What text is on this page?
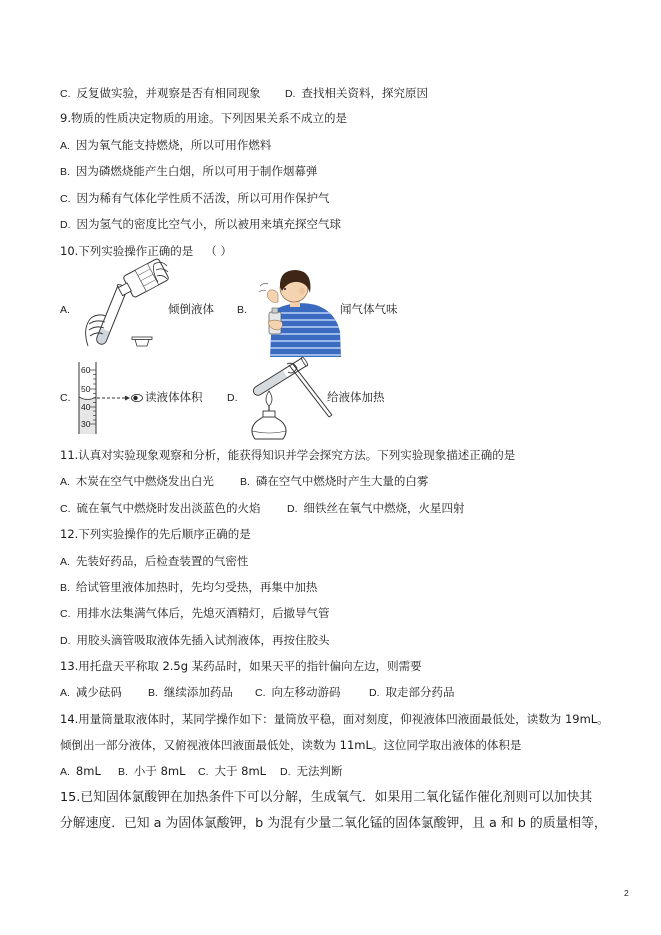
C. 反复做实验，并观察是否有相同现象 D. 查找相关资料，探究原因
9.物质的性质决定物质的用途。下列因果关系不成立的是
A. 因为氧气能支持燃烧，所以可用作燃料
B. 因为磷燃烧能产生白烟，所以可用于制作烟幕弹
C. 因为稀有气体化学性质不活泼，所以可用作保护气
D. 因为氢气的密度比空气小，所以被用来填充探空气球
10.下列实验操作正确的是 （ ）
A.	倾倒液体 B.	闻气体气味
C.
60
50
40
30
读液体体积 D.	给液体加热
11.认真对实验现象观察和分析，能获得知识并学会探究方法。下列实验现象描述正确的是
A. 木炭在空气中燃烧发出白光 B. 磷在空气中燃烧时产生大量的白雾
C. 硫在氧气中燃烧时发出淡蓝色的火焰	D. 细铁丝在氧气中燃烧，火星四射
12.下列实验操作的先后顺序正确的是
A. 先装好药品，后检查装置的气密性
B. 给试管里液体加热时，先均匀受热，再集中加热
C. 用排水法集满气体后，先熄灭酒精灯，后撤导气管
D. 用胶头滴管吸取液体先插入试剂液体，再按住胶头
13.用托盘天平称取 2.5g 某药品时，如果天平的指针偏向左边，则需要
A. 减少砝码 B. 继续添加药品 C. 向左移动游码	D. 取走部分药品
14.用量筒量取液体时，某同学操作如下：量筒放平稳，面对刻度，仰视液体凹液面最低处，读数为 19mL。
倾倒出一部分液体，又俯视液体凹液面最低处，读数为 11mL。这位同学取出液体的体积是
A. 8mL B. 小于 8mL C. 大于 8mL D. 无法判断
15.已知固体氯酸钾在加热条件下可以分解，生成氧气．如果用二氧化锰作催化剂则可以加快其
分解速度．已知 a 为固体氯酸钾，b 为混有少量二氧化锰的固体氯酸钾，且 a 和 b 的质量相等，
2
